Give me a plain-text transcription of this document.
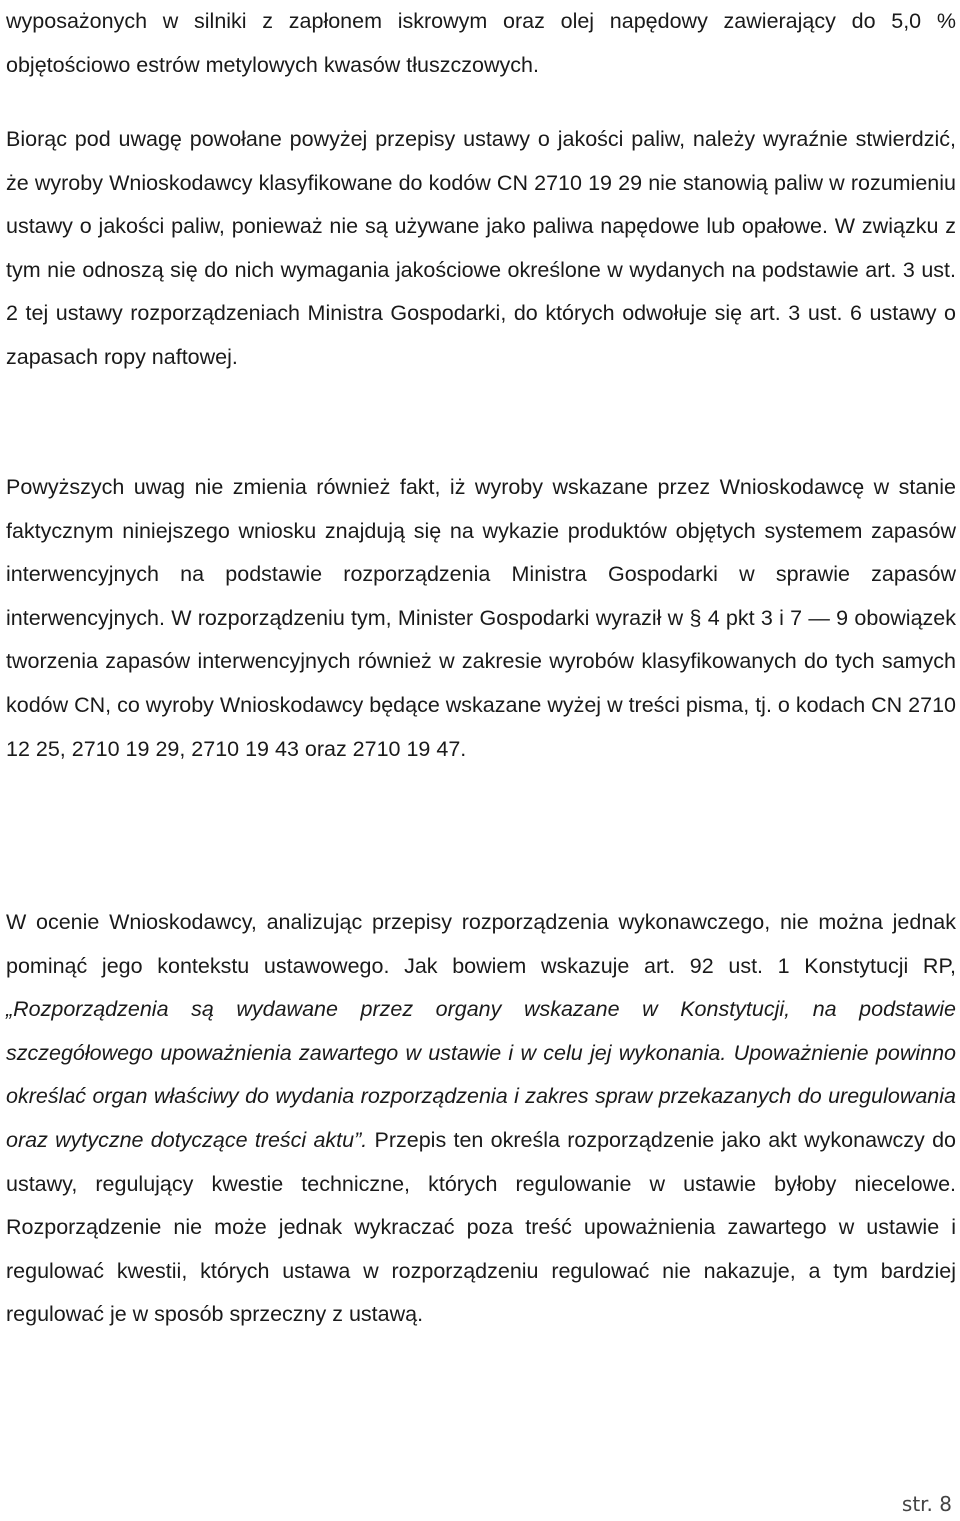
wyposażonych w silniki z zapłonem iskrowym oraz olej napędowy zawierający do 5,0 % objętościowo estrów metylowych kwasów tłuszczowych.

Biorąc pod uwagę powołane powyżej przepisy ustawy o jakości paliw, należy wyraźnie stwierdzić, że wyroby Wnioskodawcy klasyfikowane do kodów CN 2710 19 29 nie stanowią paliw w rozumieniu ustawy o jakości paliw, ponieważ nie są używane jako paliwa napędowe lub opałowe. W związku z tym nie odnoszą się do nich wymagania jakościowe określone w wydanych na podstawie art. 3 ust. 2 tej ustawy rozporządzeniach Ministra Gospodarki, do których odwołuje się art. 3 ust. 6 ustawy o zapasach ropy naftowej.

Powyższych uwag nie zmienia również fakt, iż wyroby wskazane przez Wnioskodawcę w stanie faktycznym niniejszego wniosku znajdują się na wykazie produktów objętych systemem zapasów interwencyjnych na podstawie rozporządzenia Ministra Gospodarki w sprawie zapasów interwencyjnych. W rozporządzeniu tym, Minister Gospodarki wyraził w § 4 pkt 3 i 7 — 9 obowiązek tworzenia zapasów interwencyjnych również w zakresie wyrobów klasyfikowanych do tych samych kodów CN, co wyroby Wnioskodawcy będące wskazane wyżej w treści pisma, tj. o kodach CN 2710 12 25, 2710 19 29, 2710 19 43 oraz 2710 19 47.

W ocenie Wnioskodawcy, analizując przepisy rozporządzenia wykonawczego, nie można jednak pominąć jego kontekstu ustawowego. Jak bowiem wskazuje art. 92 ust. 1 Konstytucji RP, „Rozporządzenia są wydawane przez organy wskazane w Konstytucji, na podstawie szczegółowego upoważnienia zawartego w ustawie i w celu jej wykonania. Upoważnienie powinno określać organ właściwy do wydania rozporządzenia i zakres spraw przekazanych do uregulowania oraz wytyczne dotyczące treści aktu”. Przepis ten określa rozporządzenie jako akt wykonawczy do ustawy, regulujący kwestie techniczne, których regulowanie w ustawie byłoby niecelowe. Rozporządzenie nie może jednak wykraczać poza treść upoważnienia zawartego w ustawie i regulować kwestii, których ustawa w rozporządzeniu regulować nie nakazuje, a tym bardziej regulować je w sposób sprzeczny z ustawą.

str. 8
